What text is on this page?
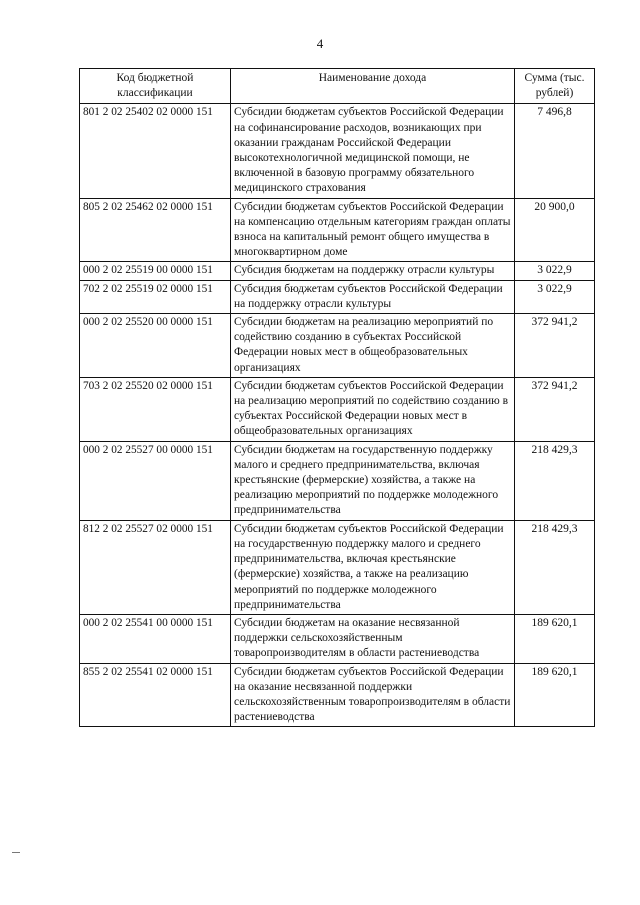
4
Код бюджетной классификации	Наименование дохода	Сумма (тыс. рублей)
801 2 02 25402 02 0000 151	Субсидии бюджетам субъектов Российской Федерации на софинансирование расходов, возникающих при оказании гражданам Российской Федерации высокотехнологичной медицинской помощи, не включенной в базовую программу обязательного медицинского страхования	7 496,8
805 2 02 25462 02 0000 151	Субсидии бюджетам субъектов Российской Федерации на компенсацию отдельным категориям граждан оплаты взноса на капитальный ремонт общего имущества в многоквартирном доме	20 900,0
000 2 02 25519 00 0000 151	Субсидия бюджетам на поддержку отрасли культуры	3 022,9
702 2 02 25519 02 0000 151	Субсидия бюджетам субъектов Российской Федерации на поддержку отрасли культуры	3 022,9
000 2 02 25520 00 0000 151	Субсидии бюджетам на реализацию мероприятий по содействию созданию в субъектах Российской Федерации новых мест в общеобразовательных организациях	372 941,2
703 2 02 25520 02 0000 151	Субсидии бюджетам субъектов Российской Федерации на реализацию мероприятий по содействию созданию в субъектах Российской Федерации новых мест в общеобразовательных организациях	372 941,2
000 2 02 25527 00 0000 151	Субсидии бюджетам на государственную поддержку малого и среднего предпринимательства, включая крестьянские (фермерские) хозяйства, а также на реализацию мероприятий по поддержке молодежного предпринимательства	218 429,3
812 2 02 25527 02 0000 151	Субсидии бюджетам субъектов Российской Федерации на государственную поддержку малого и среднего предпринимательства, включая крестьянские (фермерские) хозяйства, а также на реализацию мероприятий по поддержке молодежного предпринимательства	218 429,3
000 2 02 25541 00 0000 151	Субсидии бюджетам на оказание несвязанной поддержки сельскохозяйственным товаропроизводителям в области растениеводства	189 620,1
855 2 02 25541 02 0000 151	Субсидии бюджетам субъектов Российской Федерации на оказание несвязанной поддержки сельскохозяйственным товаропроизводителям в области растениеводства	189 620,1
